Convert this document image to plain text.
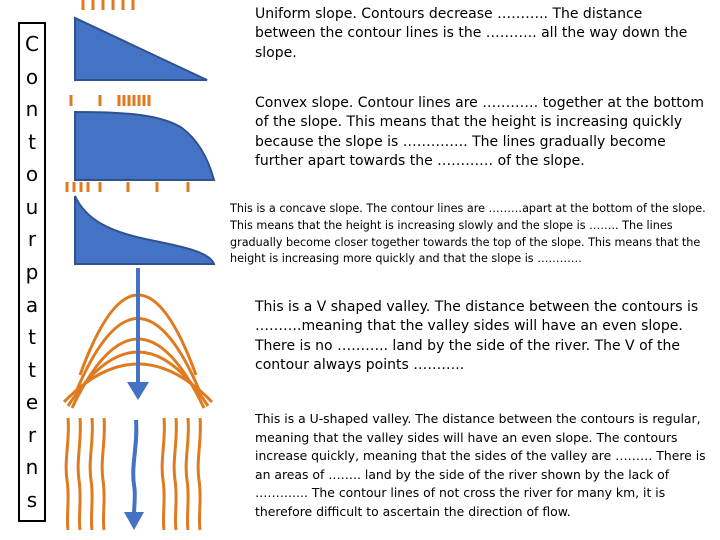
C
o
n
t
o
u
r
p
a
t
t
e
r
n
s

Uniform slope. Contours decrease ……….. The distance between the contour lines is the ……….. all the way down the slope.

Convex slope. Contour lines are ………… together at the bottom of the slope. This means that the height is increasing quickly because the slope is ……….…. The lines gradually become further apart towards the ………… of the slope.

This is a concave slope. The contour lines are ………apart at the bottom of the slope. This means that the height is increasing slowly and the slope is …….. The lines gradually become closer together towards the top of the slope. This means that the height is increasing more quickly and that the slope is …………

This is a V shaped valley. The distance between the contours is ……….meaning that the valley sides will have an even slope. There is no ……….. land by the side of the river. The V of the contour always points ………..

This is a U-shaped valley. The distance between the contours is regular, meaning that the valley sides will have an even slope. The contours increase quickly, meaning that the sides of the valley are ……… There is an areas of …….. land by the side of the river shown by the lack of ……….... The contour lines of not cross the river for many km, it is therefore difficult to ascertain the direction of flow.
